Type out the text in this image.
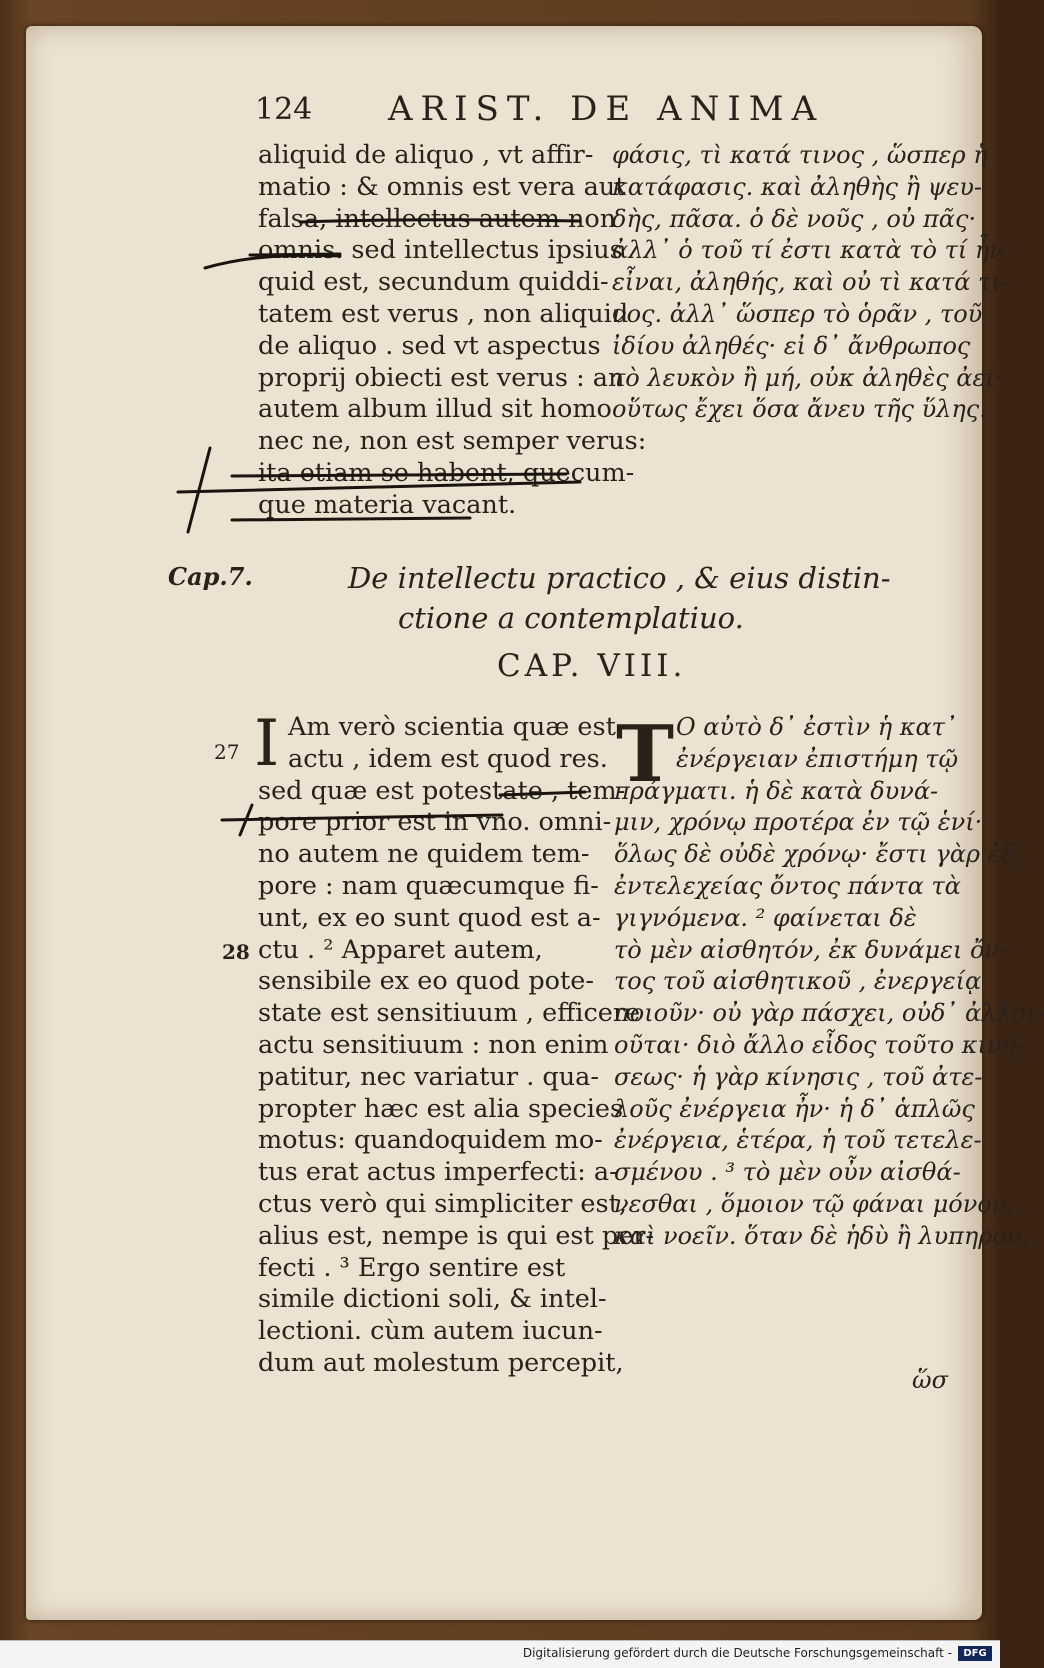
124 ARIST. DE ANIMA
aliquid de aliquo , vt affir-
matio : & omnis est vera aut
falsa, intellectus autem non
omnis. sed intellectus ipsius
quid est, secundum quiddi-
tatem est verus , non aliquid
de aliquo . sed vt aspectus
proprij obiecti est verus : an
autem album illud sit homo
nec ne, non est semper verus:
ita etiam se habent, quecum-
que materia vacant.
φάσις, τὶ κατά τινος , ὥσπερ ἡ
κατάφασις. καὶ ἀληθὴς ἢ ψευ-
δὴς, πᾶσα. ὁ δὲ νοῦς , οὐ πᾶς·
ἀλλ᾽ ὁ τοῦ τί ἐστι κατὰ τὸ τί ἦν
εἶναι, ἀληθής, καὶ οὐ τὶ κατά τι-
νος. ἀλλ᾽ ὥσπερ τὸ ὁρᾶν , τοῦ
ἰδίου ἀληθές· εἰ δ᾽ ἄνθρωπος
τὸ λευκὸν ἢ μή, οὐκ ἀληθὲς ἀεί·
οὕτως ἔχει ὅσα ἄνευ τῆς ὕλης.
Cap.7.	De intellectu practico , & eius distin-
ctione a contemplatiuo.
CAP. VIII.
27
28
I	Τ
Am verò scientia quæ est
actu , idem est quod res.
sed quæ est potestate , tem-
pore prior est in vno. omni-
no autem ne quidem tem-
pore : nam quæcumque fi-
unt, ex eo sunt quod est a-
ctu . ² Apparet autem,
sensibile ex eo quod pote-
state est sensitiuum , efficere
actu sensitiuum : non enim
patitur, nec variatur . qua-
propter hæc est alia species
motus: quandoquidem mo-
tus erat actus imperfecti: a-
ctus verò qui simpliciter est,
alius est, nempe is qui est per-
fecti . ³ Ergo sentire est
simile dictioni soli, & intel-
lectioni. cùm autem iucun-
dum aut molestum percepit,
Ο αὐτὸ δ᾽ ἐστὶν ἡ κατ᾽
ἐνέργειαν ἐπιστήμη τῷ
πράγματι. ἡ δὲ κατὰ δυνά-
μιν, χρόνῳ προτέρα ἐν τῷ ἑνί·
ὅλως δὲ οὐδὲ χρόνῳ· ἔστι γὰρ ἐξ
ἐντελεχείας ὄντος πάντα τὰ
γιγνόμενα. ² φαίνεται δὲ
τὸ μὲν αἰσθητόν, ἐκ δυνάμει ὄν-
τος τοῦ αἰσθητικοῦ , ἐνεργείᾳ
ποιοῦν· οὐ γὰρ πάσχει, οὐδ᾽ ἀλλοι-
οῦται· διὸ ἄλλο εἶδος τοῦτο κινή-
σεως· ἡ γὰρ κίνησις , τοῦ ἀτε-
λοῦς ἐνέργεια ἦν· ἡ δ᾽ ἁπλῶς
ἐνέργεια, ἑτέρα, ἡ τοῦ τετελε-
σμένου . ³ τὸ μὲν οὖν αἰσθά-
νεσθαι , ὅμοιον τῷ φάναι μόνον,
καὶ νοεῖν. ὅταν δὲ ἡδὺ ἢ λυπηρόν,
ὥσ
Digitalisierung gefördert durch die Deutsche Forschungsgemeinschaft -	DFG
